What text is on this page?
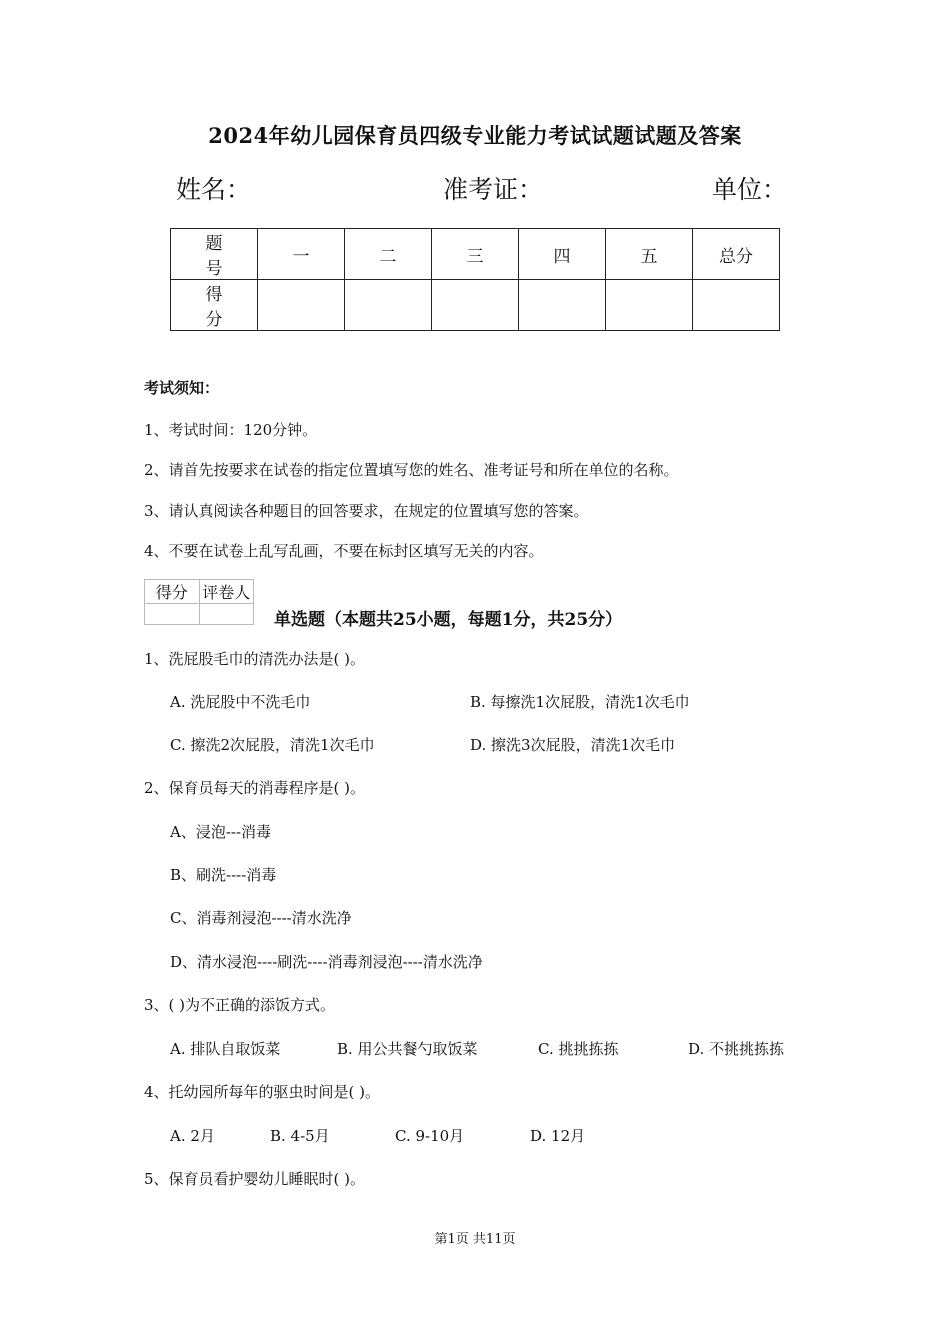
2024年幼儿园保育员四级专业能力考试试题试题及答案
姓名：	准考证：	单位：
题 号	一	二	三	四	五	总分
得 分						
考试须知：
1、考试时间：120分钟。
2、请首先按要求在试卷的指定位置填写您的姓名、准考证号和所在单位的名称。
3、请认真阅读各种题目的回答要求，在规定的位置填写您的答案。
4、不要在试卷上乱写乱画，不要在标封区填写无关的内容。
得分	评卷人

单选题（本题共25小题，每题1分，共25分）
1、洗屁股毛巾的清洗办法是( )。
A. 洗屁股中不洗毛巾	B. 每擦洗1次屁股，清洗1次毛巾
C. 擦洗2次屁股，清洗1次毛巾	D. 擦洗3次屁股，清洗1次毛巾
2、保育员每天的消毒程序是( )。
A、浸泡---消毒
B、刷洗----消毒
C、消毒剂浸泡----清水洗净
D、清水浸泡----刷洗----消毒剂浸泡----清水洗净
3、( )为不正确的添饭方式。
A. 排队自取饭菜	B. 用公共餐勺取饭菜	C. 挑挑拣拣	D. 不挑挑拣拣
4、托幼园所每年的驱虫时间是( )。
A. 2月	B. 4-5月	C. 9-10月	D. 12月
5、保育员看护婴幼儿睡眠时( )。
第1页 共11页
